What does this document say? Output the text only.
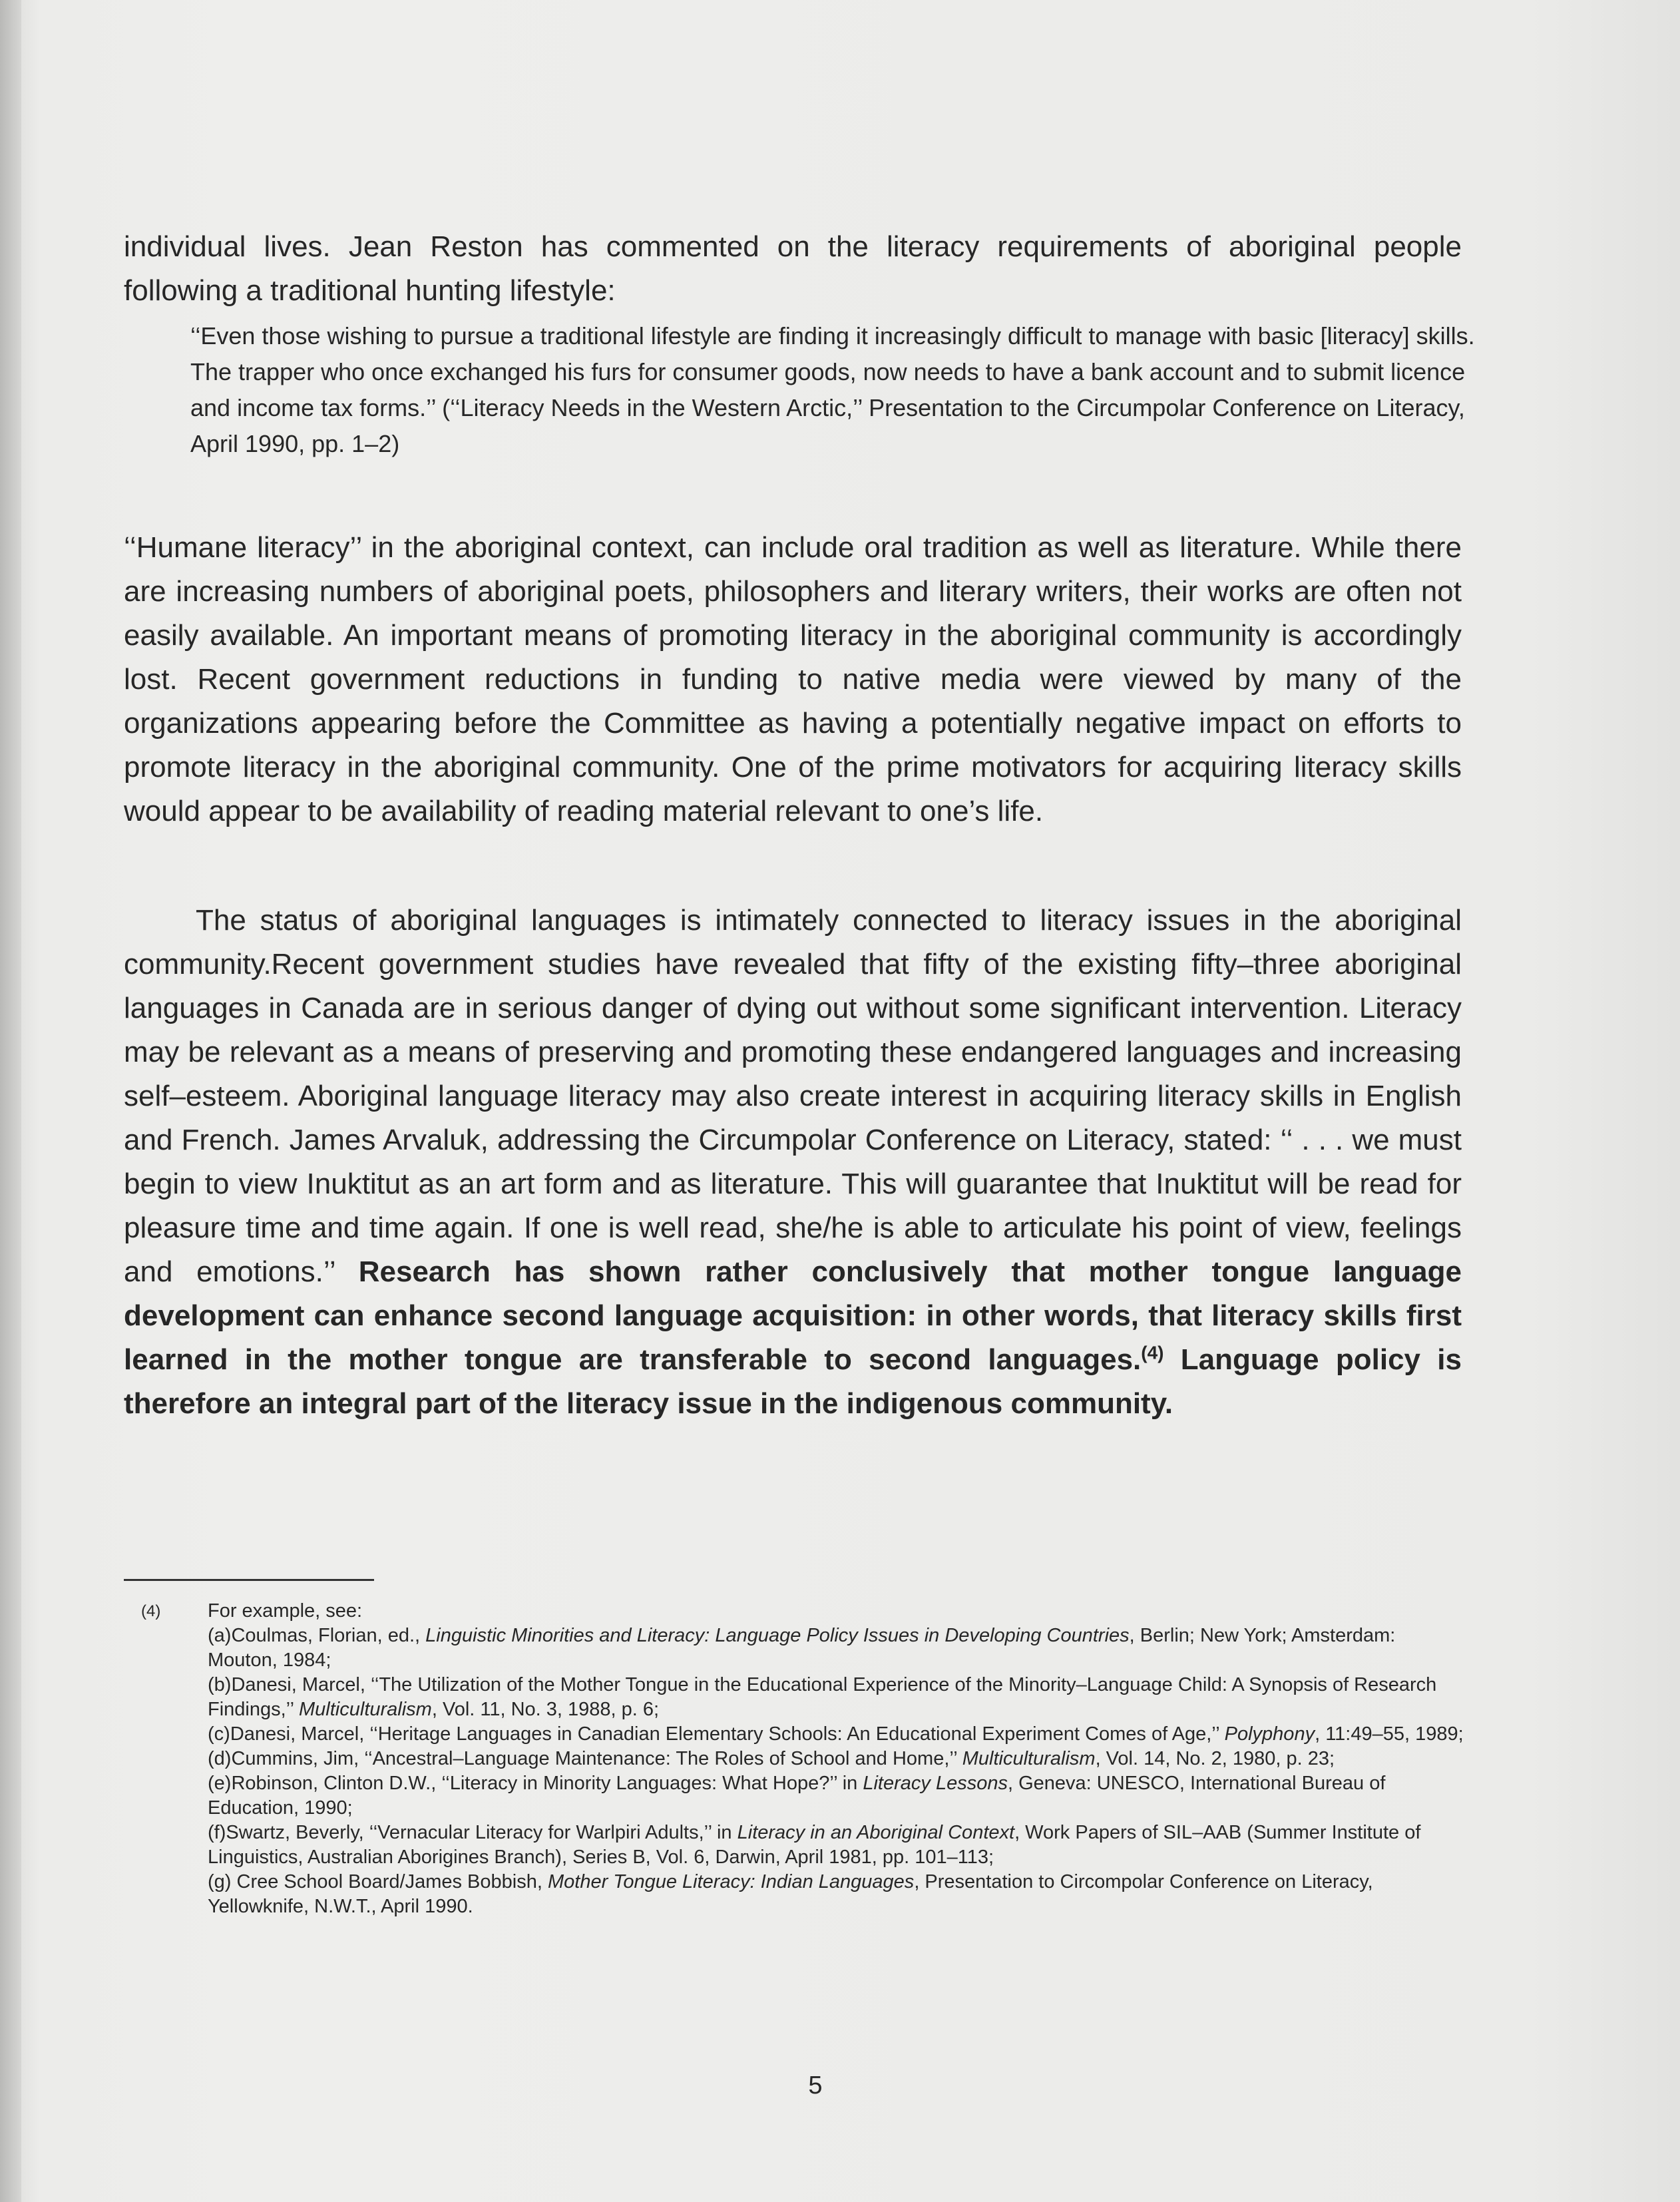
individual lives. Jean Reston has commented on the literacy requirements of aboriginal people following a traditional hunting lifestyle:

‘‘Even those wishing to pursue a traditional lifestyle are finding it increasingly difficult to manage with basic [literacy] skills. The trapper who once exchanged his furs for consumer goods, now needs to have a bank account and to submit licence and income tax forms.’’ (‘‘Literacy Needs in the Western Arctic,’’ Presentation to the Circumpolar Conference on Literacy, April 1990, pp. 1–2)

‘‘Humane literacy’’ in the aboriginal context, can include oral tradition as well as literature. While there are increasing numbers of aboriginal poets, philosophers and literary writers, their works are often not easily available. An important means of promoting literacy in the aboriginal community is accordingly lost. Recent government reductions in funding to native media were viewed by many of the organizations appearing before the Committee as having a potentially negative impact on efforts to promote literacy in the aboriginal community. One of the prime motivators for acquiring literacy skills would appear to be availability of reading material relevant to one’s life.

The status of aboriginal languages is intimately connected to literacy issues in the aboriginal community.Recent government studies have revealed that fifty of the existing fifty–three aboriginal languages in Canada are in serious danger of dying out without some significant intervention. Literacy may be relevant as a means of preserving and promoting these endangered languages and increasing self–esteem. Aboriginal language literacy may also create interest in acquiring literacy skills in English and French. James Arvaluk, addressing the Circumpolar Conference on Literacy, stated: ‘‘ . . . we must begin to view Inuktitut as an art form and as literature. This will guarantee that Inuktitut will be read for pleasure time and time again. If one is well read, she/he is able to articulate his point of view, feelings and emotions.’’ Research has shown rather conclusively that mother tongue language development can enhance second language acquisition: in other words, that literacy skills first learned in the mother tongue are transferable to second languages.$^{(4)}$ Language policy is therefore an integral part of the literacy issue in the indigenous community.

(4) For example, see:

(a)Coulmas, Florian, ed., Linguistic Minorities and Literacy: Language Policy Issues in Developing Countries, Berlin; New York; Amsterdam: Mouton, 1984;

(b)Danesi, Marcel, ‘‘The Utilization of the Mother Tongue in the Educational Experience of the Minority–Language Child: A Synopsis of Research Findings,’’ Multiculturalism, Vol. 11, No. 3, 1988, p. 6;

(c)Danesi, Marcel, ‘‘Heritage Languages in Canadian Elementary Schools: An Educational Experiment Comes of Age,’’ Polyphony, 11:49–55, 1989;

(d)Cummins, Jim, ‘‘Ancestral–Language Maintenance: The Roles of School and Home,’’ Multiculturalism, Vol. 14, No. 2, 1980, p. 23;

(e)Robinson, Clinton D.W., ‘‘Literacy in Minority Languages: What Hope?’’ in Literacy Lessons, Geneva: UNESCO, International Bureau of Education, 1990;

(f)Swartz, Beverly, ‘‘Vernacular Literacy for Warlpiri Adults,’’ in Literacy in an Aboriginal Context, Work Papers of SIL–AAB (Summer Institute of Linguistics, Australian Aborigines Branch), Series B, Vol. 6, Darwin, April 1981, pp. 101–113;

(g) Cree School Board/James Bobbish, Mother Tongue Literacy: Indian Languages, Presentation to Circompolar Conference on Literacy, Yellowknife, N.W.T., April 1990.

5
